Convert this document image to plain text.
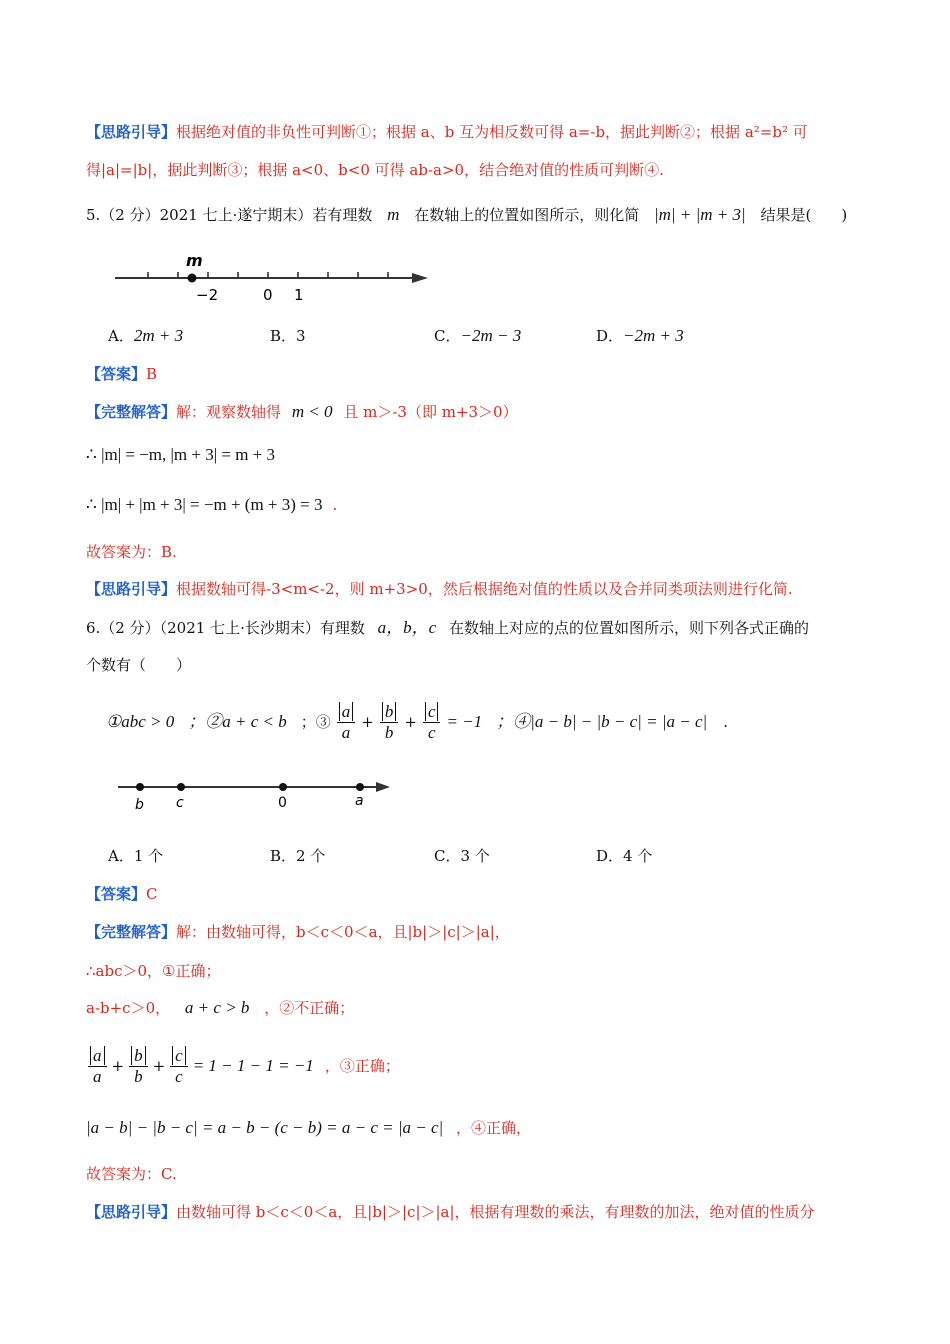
【思路引导】根据绝对值的非负性可判断①；根据 a、b 互为相反数可得 a=-b，据此判断②；根据 a²=b² 可
得|a|=|b|，据此判断③；根据 a<0、b<0 可得 ab-a>0，结合绝对值的性质可判断④.
5.（2 分）2021 七上·遂宁期末）若有理数 m 在数轴上的位置如图所示，则化简 |m| + |m + 3| 结果是(　　)
m
−2	0 1
A．2m + 3	B．3	C．−2m − 3	D．−2m + 3
【答案】B
【完整解答】解：观察数轴得 m < 0 且 m＞-3（即 m+3＞0）
∴ |m| = −m, |m + 3| = m + 3
∴ |m| + |m + 3| = −m + (m + 3) = 3 .
故答案为：B.
【思路引导】根据数轴可得-3<m<-2，则 m+3>0，然后根据绝对值的性质以及合并同类项法则进行化简.
6.（2 分）（2021 七上·长沙期末）有理数 a，b，c 在数轴上对应的点的位置如图所示，则下列各式正确的
个数有（　　）
①abc > 0 ；②a + c < b ；③ $\frac{a}{a} + \frac{b}{b} + \frac{c}{c} = -1$ ；④|a − b| − |b − c| = |a − c| .
b c	0	a
A．1 个	B．2 个	C．3 个	D．4 个
【答案】C
【完整解答】解：由数轴可得，b＜c＜0＜a，且|b|＞|c|＞|a|，
∴abc＞0，①正确；
a-b+c＞0， a + c > b ，②不正确；
$\frac{a}{a} + \frac{b}{b} + \frac{c}{c} = 1 - 1 - 1 = -1$ ，③正确；
|a − b| − |b − c| = a − b − (c − b) = a − c = |a − c| ，④正确，
故答案为：C.
【思路引导】由数轴可得 b＜c＜0＜a，且|b|＞|c|＞|a|，根据有理数的乘法，有理数的加法，绝对值的性质分
